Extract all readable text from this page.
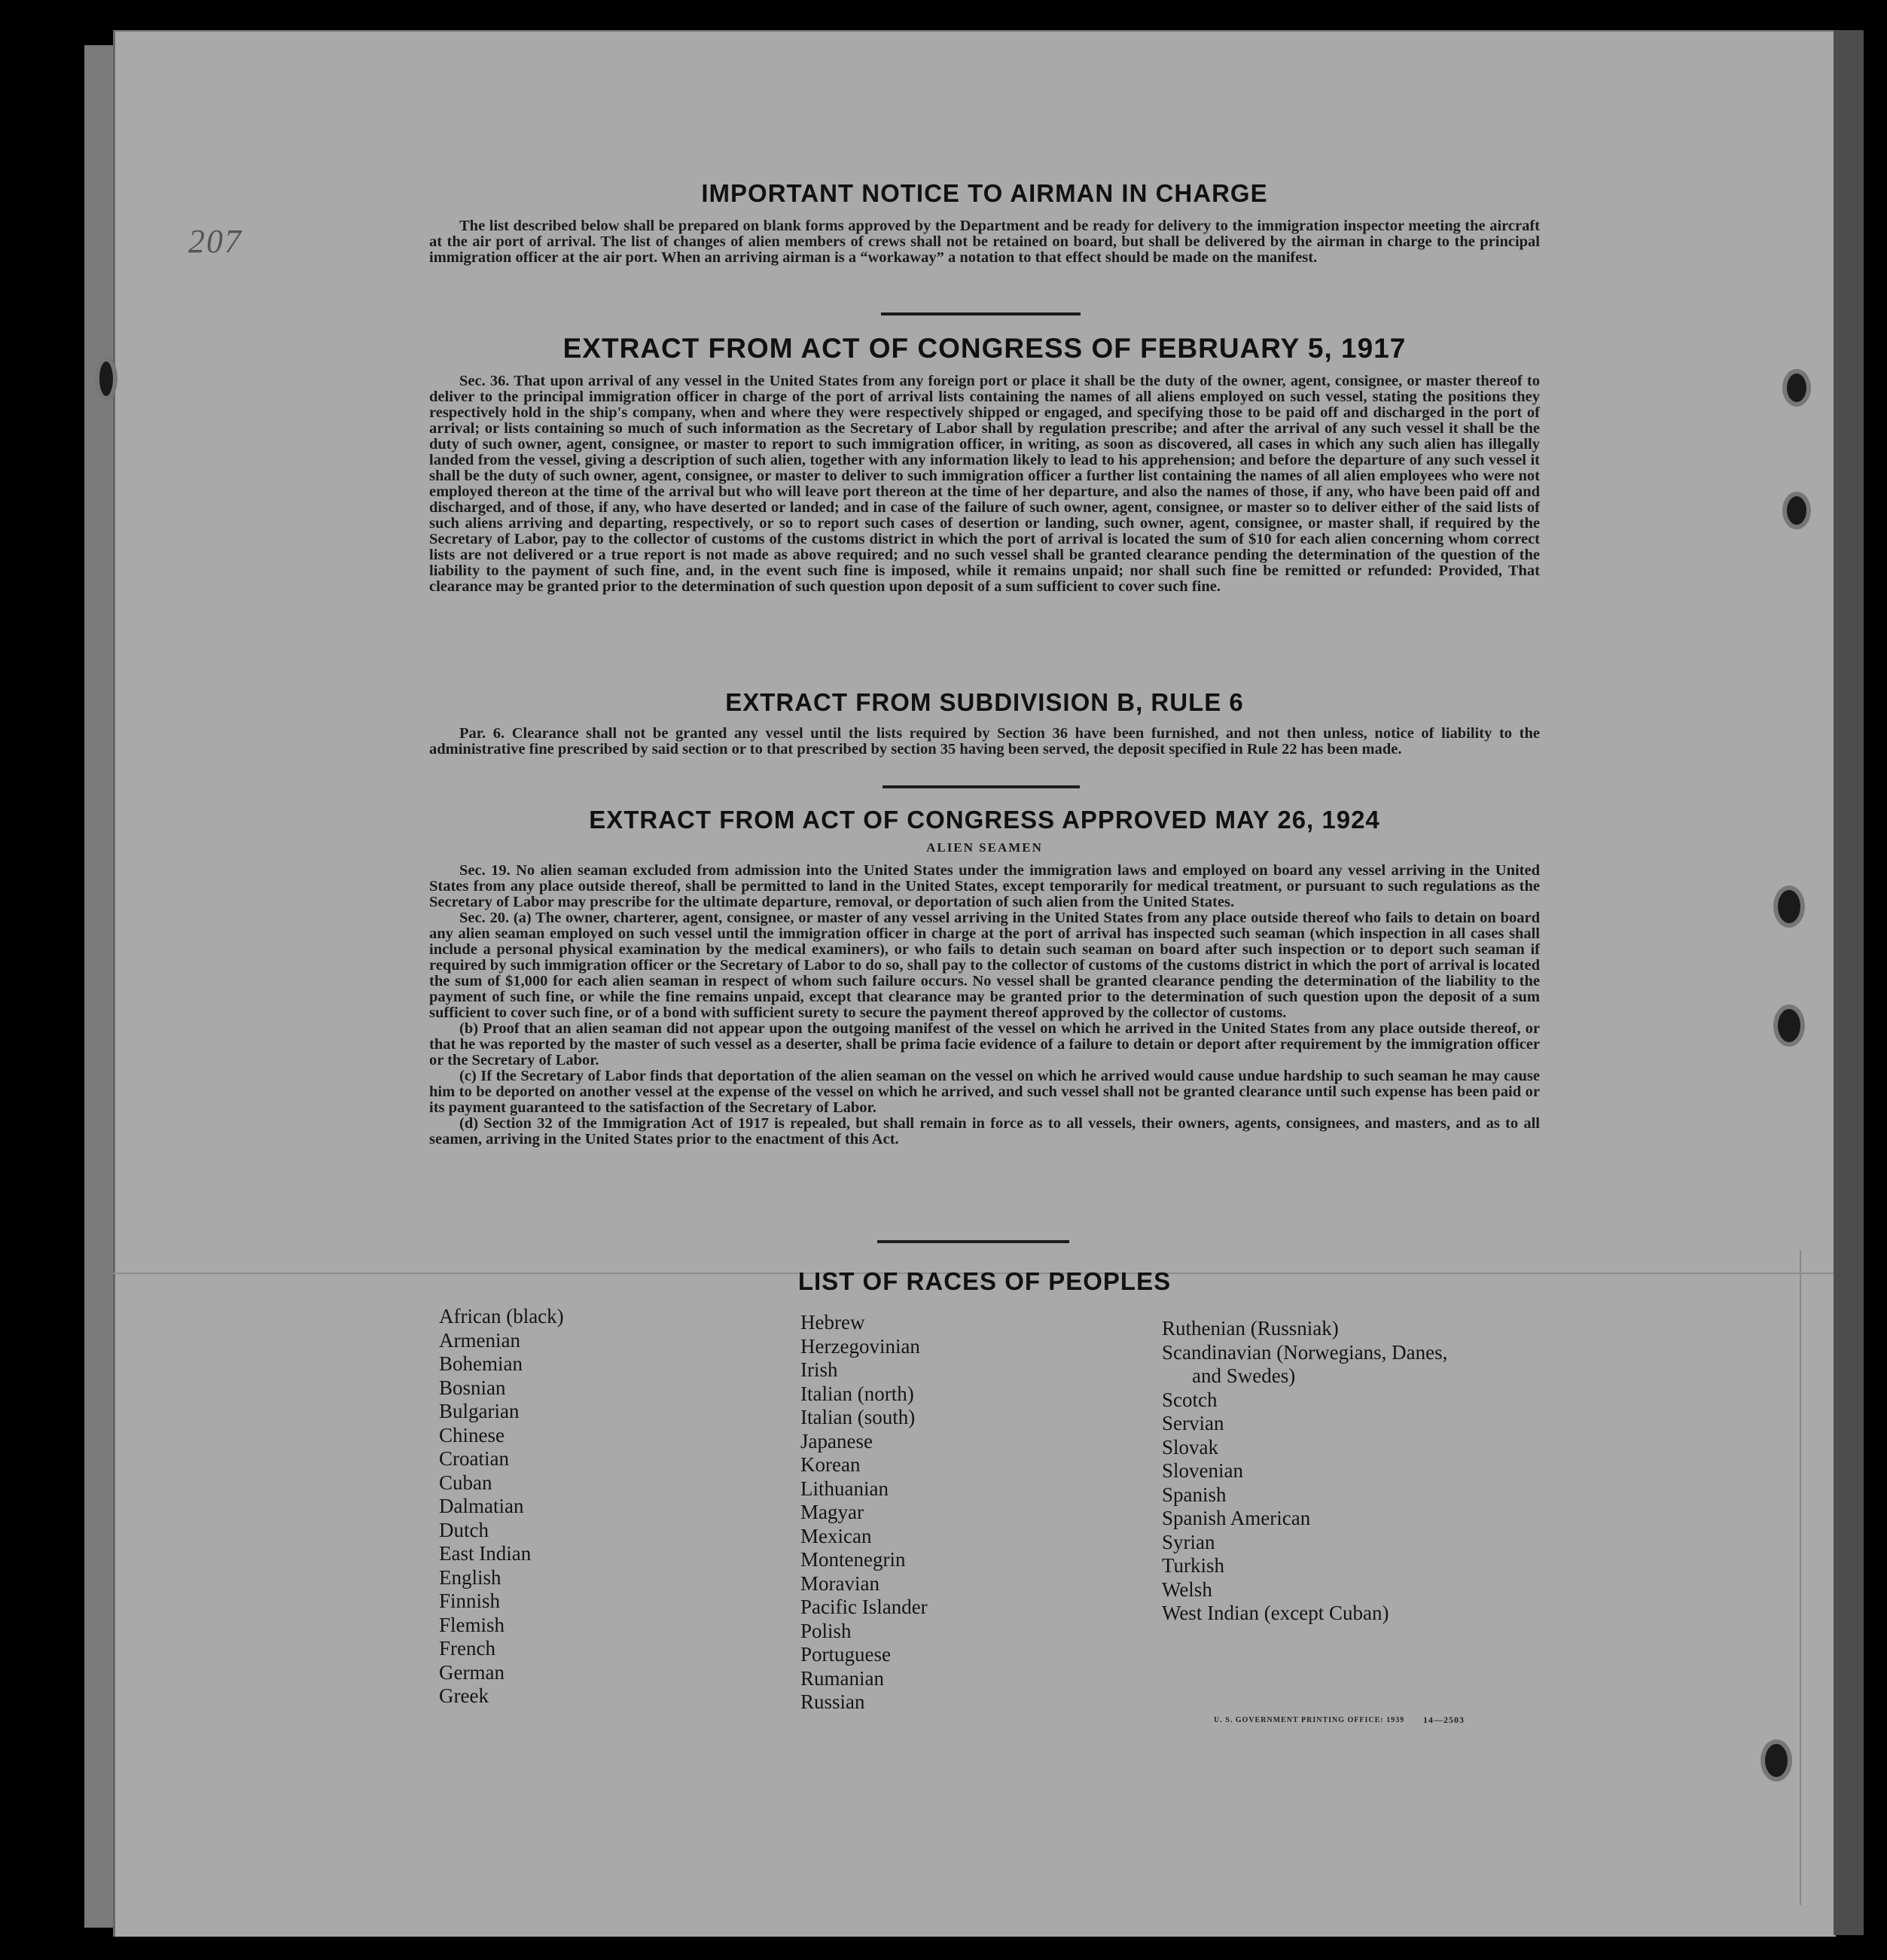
207
IMPORTANT NOTICE TO AIRMAN IN CHARGE

The list described below shall be prepared on blank forms approved by the Department and be ready for delivery to the immigration inspector meeting the aircraft at the air port of arrival. The list of changes of alien members of crews shall not be retained on board, but shall be delivered by the airman in charge to the principal immigration officer at the air port. When an arriving airman is a “workaway” a notation to that effect should be made on the manifest.

EXTRACT FROM ACT OF CONGRESS OF FEBRUARY 5, 1917

Sec. 36. That upon arrival of any vessel in the United States from any foreign port or place it shall be the duty of the owner, agent, consignee, or master thereof to deliver to the principal immigration officer in charge of the port of arrival lists containing the names of all aliens employed on such vessel, stating the positions they respectively hold in the ship's company, when and where they were respectively shipped or engaged, and specifying those to be paid off and discharged in the port of arrival; or lists containing so much of such information as the Secretary of Labor shall by regulation prescribe; and after the arrival of any such vessel it shall be the duty of such owner, agent, consignee, or master to report to such immigration officer, in writing, as soon as discovered, all cases in which any such alien has illegally landed from the vessel, giving a description of such alien, together with any information likely to lead to his apprehension; and before the departure of any such vessel it shall be the duty of such owner, agent, consignee, or master to deliver to such immigration officer a further list containing the names of all alien employees who were not employed thereon at the time of the arrival but who will leave port thereon at the time of her departure, and also the names of those, if any, who have been paid off and discharged, and of those, if any, who have deserted or landed; and in case of the failure of such owner, agent, consignee, or master so to deliver either of the said lists of such aliens arriving and departing, respectively, or so to report such cases of desertion or landing, such owner, agent, consignee, or master shall, if required by the Secretary of Labor, pay to the collector of customs of the customs district in which the port of arrival is located the sum of $10 for each alien concerning whom correct lists are not delivered or a true report is not made as above required; and no such vessel shall be granted clearance pending the determination of the question of the liability to the payment of such fine, and, in the event such fine is imposed, while it remains unpaid; nor shall such fine be remitted or refunded: Provided, That clearance may be granted prior to the determination of such question upon deposit of a sum sufficient to cover such fine.

EXTRACT FROM SUBDIVISION B, RULE 6

Par. 6. Clearance shall not be granted any vessel until the lists required by Section 36 have been furnished, and not then unless, notice of liability to the administrative fine prescribed by said section or to that prescribed by section 35 having been served, the deposit specified in Rule 22 has been made.

EXTRACT FROM ACT OF CONGRESS APPROVED MAY 26, 1924
ALIEN SEAMEN

Sec. 19. No alien seaman excluded from admission into the United States under the immigration laws and employed on board any vessel arriving in the United States from any place outside thereof, shall be permitted to land in the United States, except temporarily for medical treatment, or pursuant to such regulations as the Secretary of Labor may prescribe for the ultimate departure, removal, or deportation of such alien from the United States.

Sec. 20. (a) The owner, charterer, agent, consignee, or master of any vessel arriving in the United States from any place outside thereof who fails to detain on board any alien seaman employed on such vessel until the immigration officer in charge at the port of arrival has inspected such seaman (which inspection in all cases shall include a personal physical examination by the medical examiners), or who fails to detain such seaman on board after such inspection or to deport such seaman if required by such immigration officer or the Secretary of Labor to do so, shall pay to the collector of customs of the customs district in which the port of arrival is located the sum of $1,000 for each alien seaman in respect of whom such failure occurs. No vessel shall be granted clearance pending the determination of the liability to the payment of such fine, or while the fine remains unpaid, except that clearance may be granted prior to the determination of such question upon the deposit of a sum sufficient to cover such fine, or of a bond with sufficient surety to secure the payment thereof approved by the collector of customs.

(b) Proof that an alien seaman did not appear upon the outgoing manifest of the vessel on which he arrived in the United States from any place outside thereof, or that he was reported by the master of such vessel as a deserter, shall be prima facie evidence of a failure to detain or deport after requirement by the immigration officer or the Secretary of Labor.

(c) If the Secretary of Labor finds that deportation of the alien seaman on the vessel on which he arrived would cause undue hardship to such seaman he may cause him to be deported on another vessel at the expense of the vessel on which he arrived, and such vessel shall not be granted clearance until such expense has been paid or its payment guaranteed to the satisfaction of the Secretary of Labor.

(d) Section 32 of the Immigration Act of 1917 is repealed, but shall remain in force as to all vessels, their owners, agents, consignees, and masters, and as to all seamen, arriving in the United States prior to the enactment of this Act.

LIST OF RACES OF PEOPLES
African (black)
Armenian
Bohemian
Bosnian
Bulgarian
Chinese
Croatian
Cuban
Dalmatian
Dutch
East Indian
English
Finnish
Flemish
French
German
Greek
Hebrew
Herzegovinian
Irish
Italian (north)
Italian (south)
Japanese
Korean
Lithuanian
Magyar
Mexican
Montenegrin
Moravian
Pacific Islander
Polish
Portuguese
Rumanian
Russian
Ruthenian (Russniak)
Scandinavian (Norwegians, Danes,
and Swedes)
Scotch
Servian
Slovak
Slovenian
Spanish
Spanish American
Syrian
Turkish
Welsh
West Indian (except Cuban)
U. S. GOVERNMENT PRINTING OFFICE: 1939 14—2503
